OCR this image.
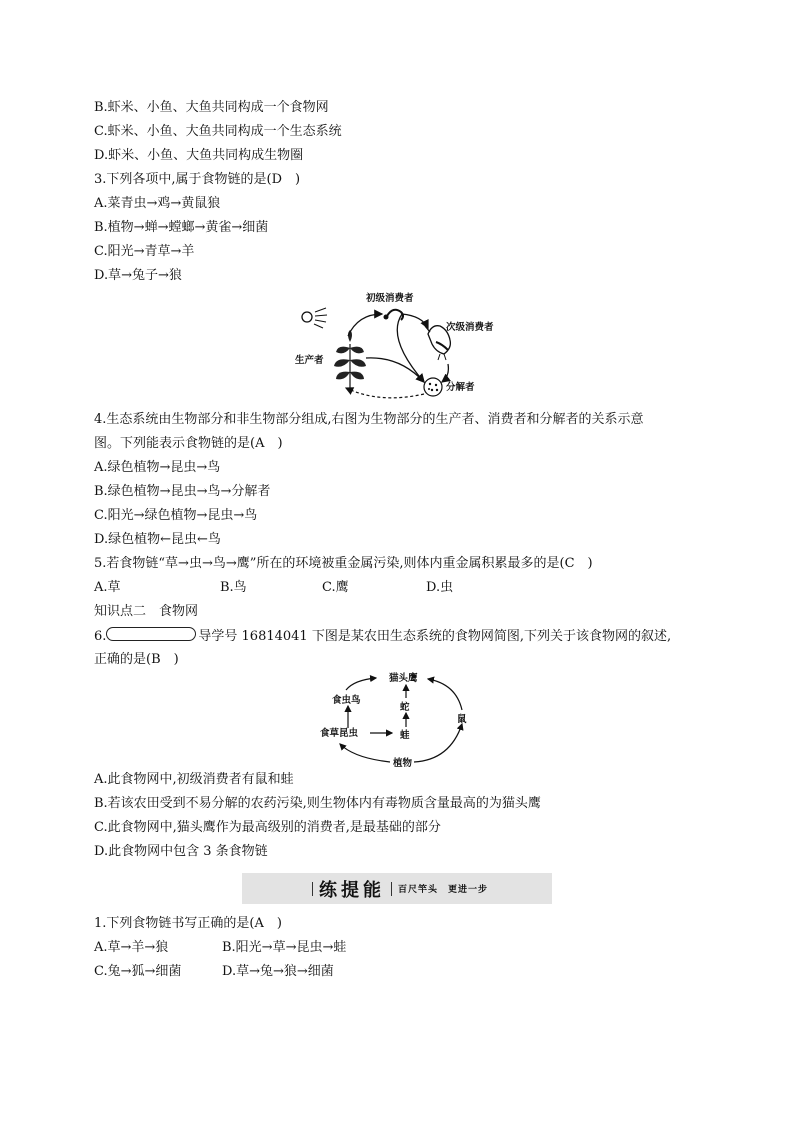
B.虾米、小鱼、大鱼共同构成一个食物网
C.虾米、小鱼、大鱼共同构成一个生态系统
D.虾米、小鱼、大鱼共同构成生物圈
3.下列各项中,属于食物链的是(D　)
A.菜青虫→鸡→黄鼠狼
B.植物→蝉→螳螂→黄雀→细菌
C.阳光→青草→羊
D.草→兔子→狼
初级消费者
次级消费者
生产者
分解者
4.生态系统由生物部分和非生物部分组成,右图为生物部分的生产者、消费者和分解者的关系示意
图。下列能表示食物链的是(A　)
A.绿色植物→昆虫→鸟
B.绿色植物→昆虫→鸟→分解者
C.阳光→绿色植物→昆虫→鸟
D.绿色植物←昆虫←鸟
5.若食物链“草→虫→鸟→鹰”所在的环境被重金属污染,则体内重金属积累最多的是(C　)
A.草	B.鸟	C.鹰	D.虫
知识点二　食物网
6.	导学号 16814041 下图是某农田生态系统的食物网简图,下列关于该食物网的叙述,
正确的是(B　)
猫头鹰
食虫鸟
蛇
鼠
食草昆虫	蛙
植物
A.此食物网中,初级消费者有鼠和蛙
B.若该农田受到不易分解的农药污染,则生物体内有毒物质含量最高的为猫头鹰
C.此食物网中,猫头鹰作为最高级别的消费者,是最基础的部分
D.此食物网中包含 3 条食物链
练提能 百尺竿头　更进一步
1.下列食物链书写正确的是(A　)
A.草→羊→狼	B.阳光→草→昆虫→蛙
C.兔→狐→细菌	D.草→兔→狼→细菌
